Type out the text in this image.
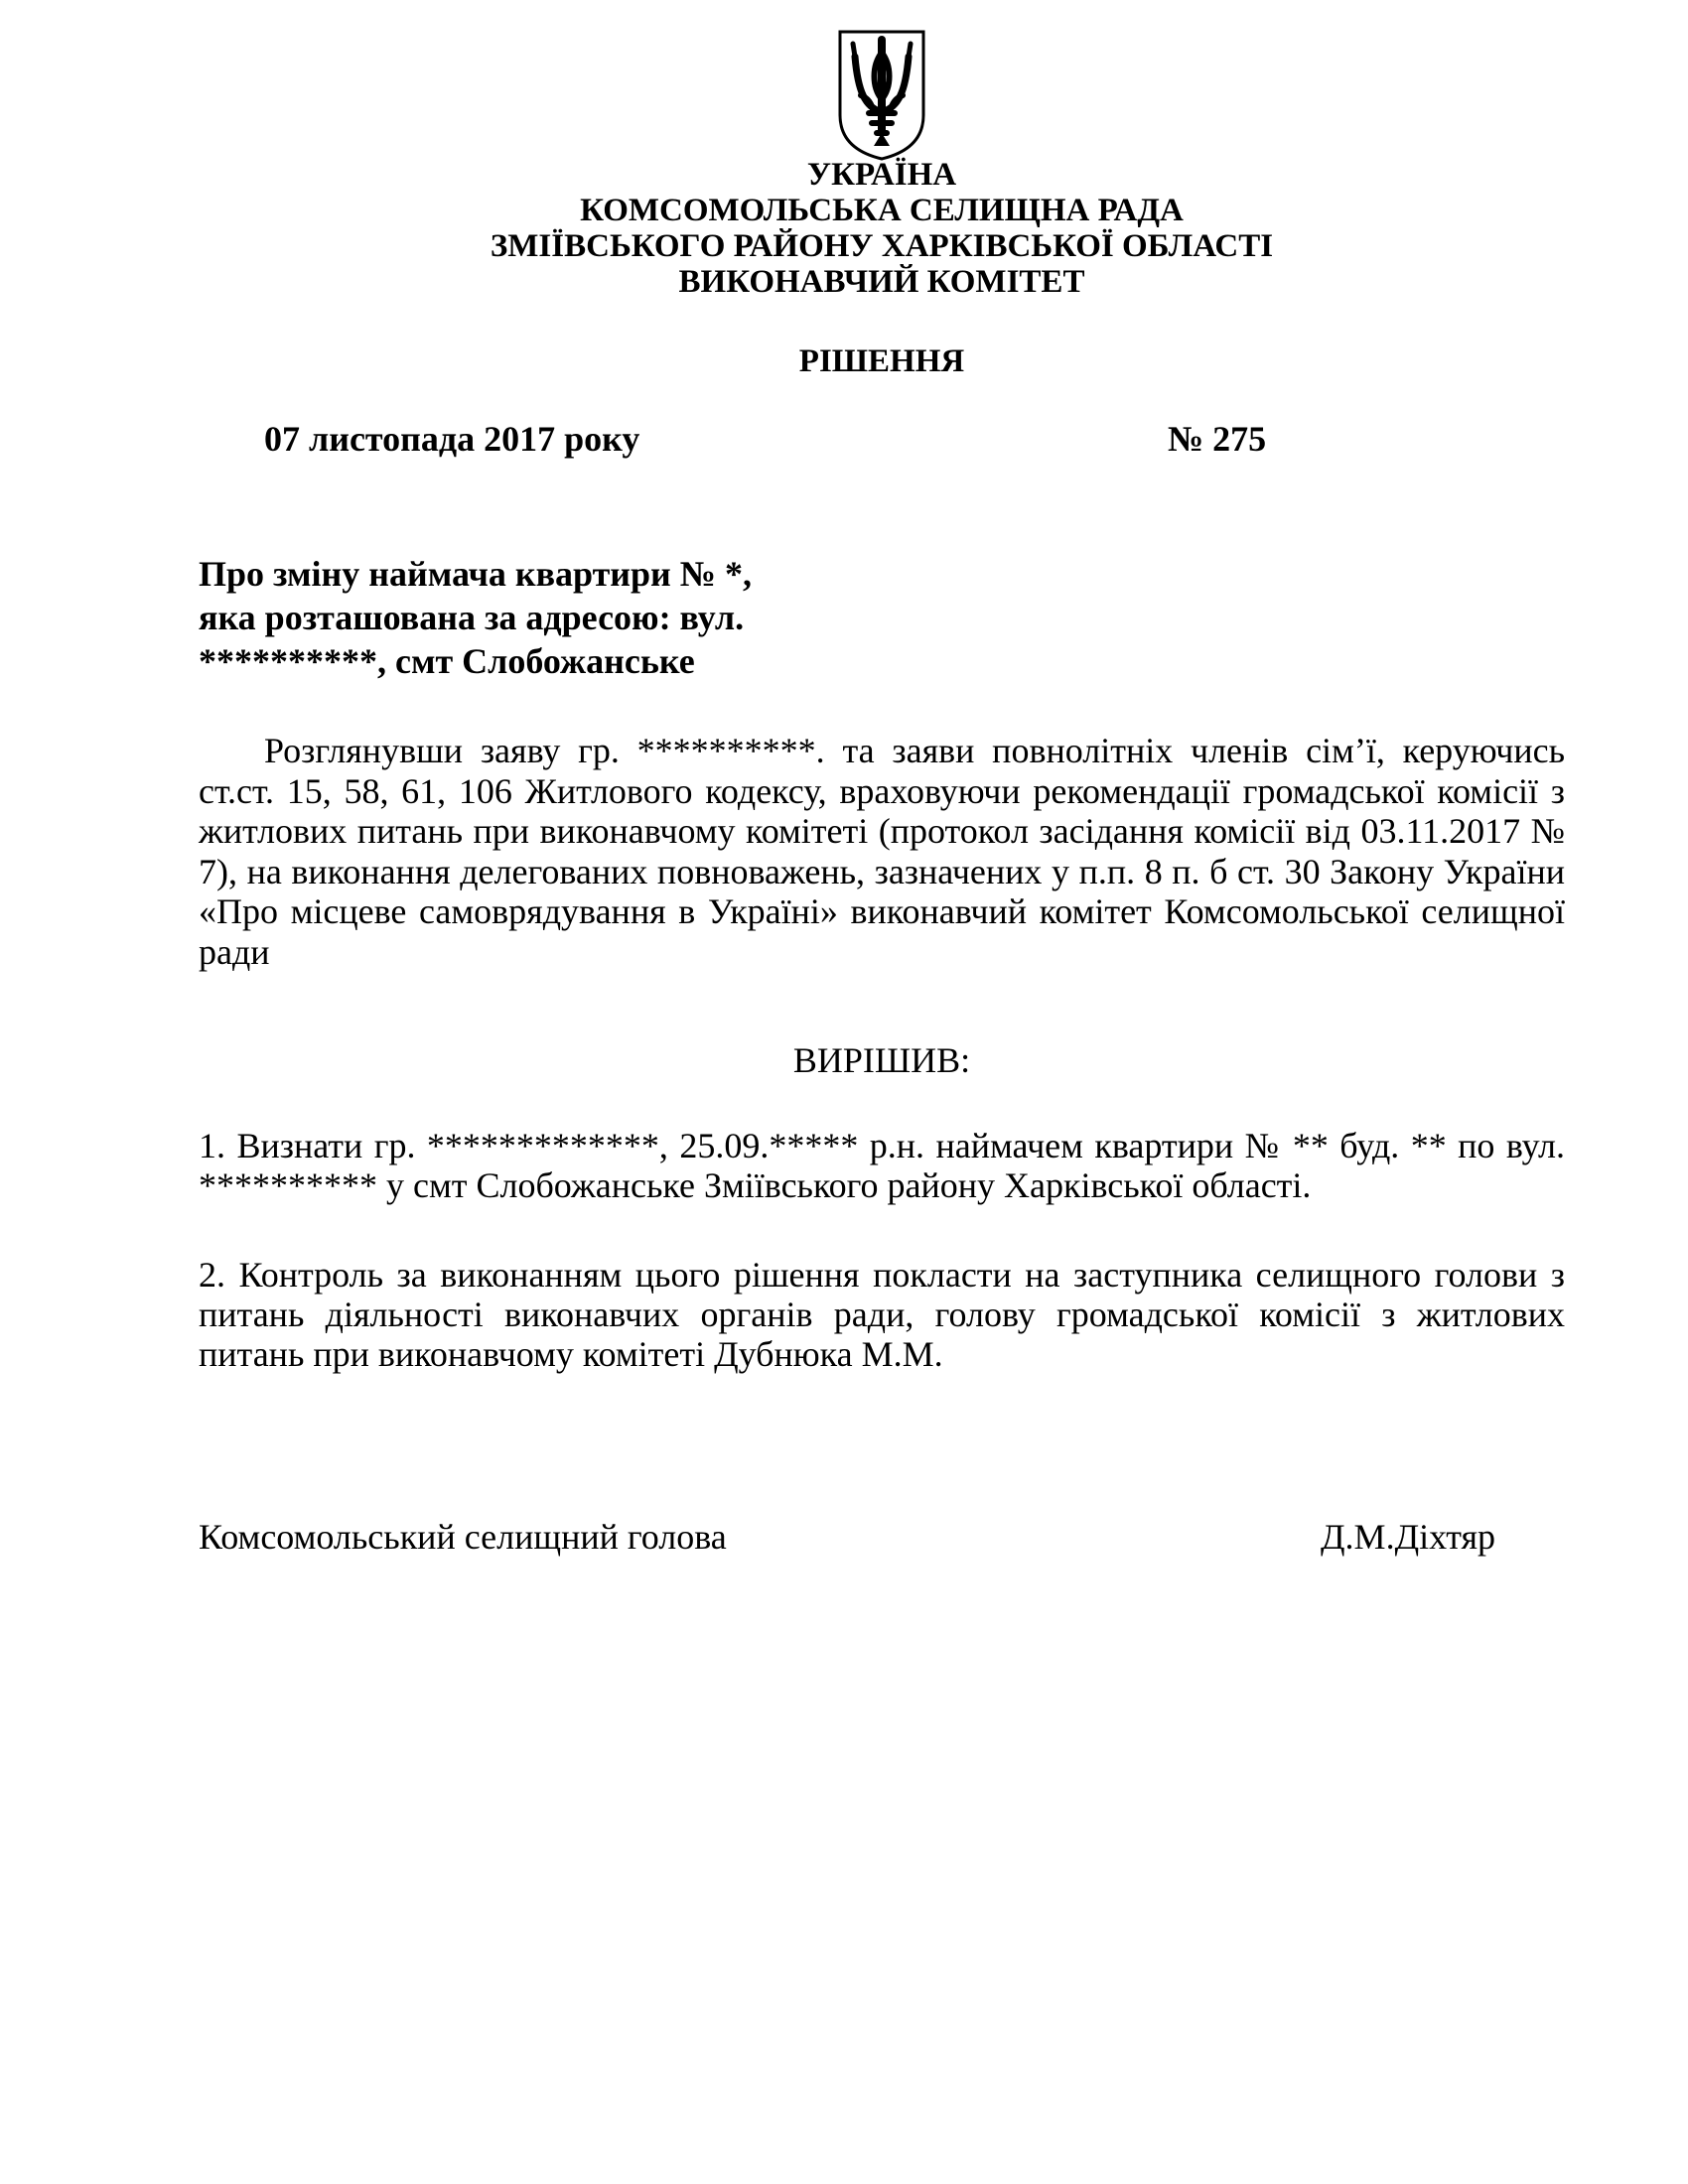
УКРАЇНА
КОМСОМОЛЬСЬКА СЕЛИЩНА РАДА
ЗМІЇВСЬКОГО РАЙОНУ ХАРКІВСЬКОЇ ОБЛАСТІ
ВИКОНАВЧИЙ КОМІТЕТ
РІШЕННЯ
07 листопада 2017 року	№ 275
Про зміну наймача квартири № *,
яка розташована за адресою: вул.
**********, смт Слобожанське
Розглянувши заяву гр. **********. та заяви повнолітніх членів сім’ї, керуючись ст.ст. 15, 58, 61, 106 Житлового кодексу, враховуючи рекомендації громадської комісії з житлових питань при виконавчому комітеті (протокол засідання комісії від 03.11.2017 № 7), на виконання делегованих повноважень, зазначених у п.п. 8 п. б ст. 30 Закону України «Про місцеве самоврядування в Україні» виконавчий комітет Комсомольської селищної ради
ВИРІШИВ:
1. Визнати гр. *************, 25.09.***** р.н. наймачем квартири № ** буд. ** по вул. ********** у смт Слобожанське Зміївського району Харківської області.
2. Контроль за виконанням цього рішення покласти на заступника селищного голови з питань діяльності виконавчих органів ради, голову громадської комісії з житлових питань при виконавчому комітеті Дубнюка М.М.
Комсомольський селищний голова	Д.М.Діхтяр
